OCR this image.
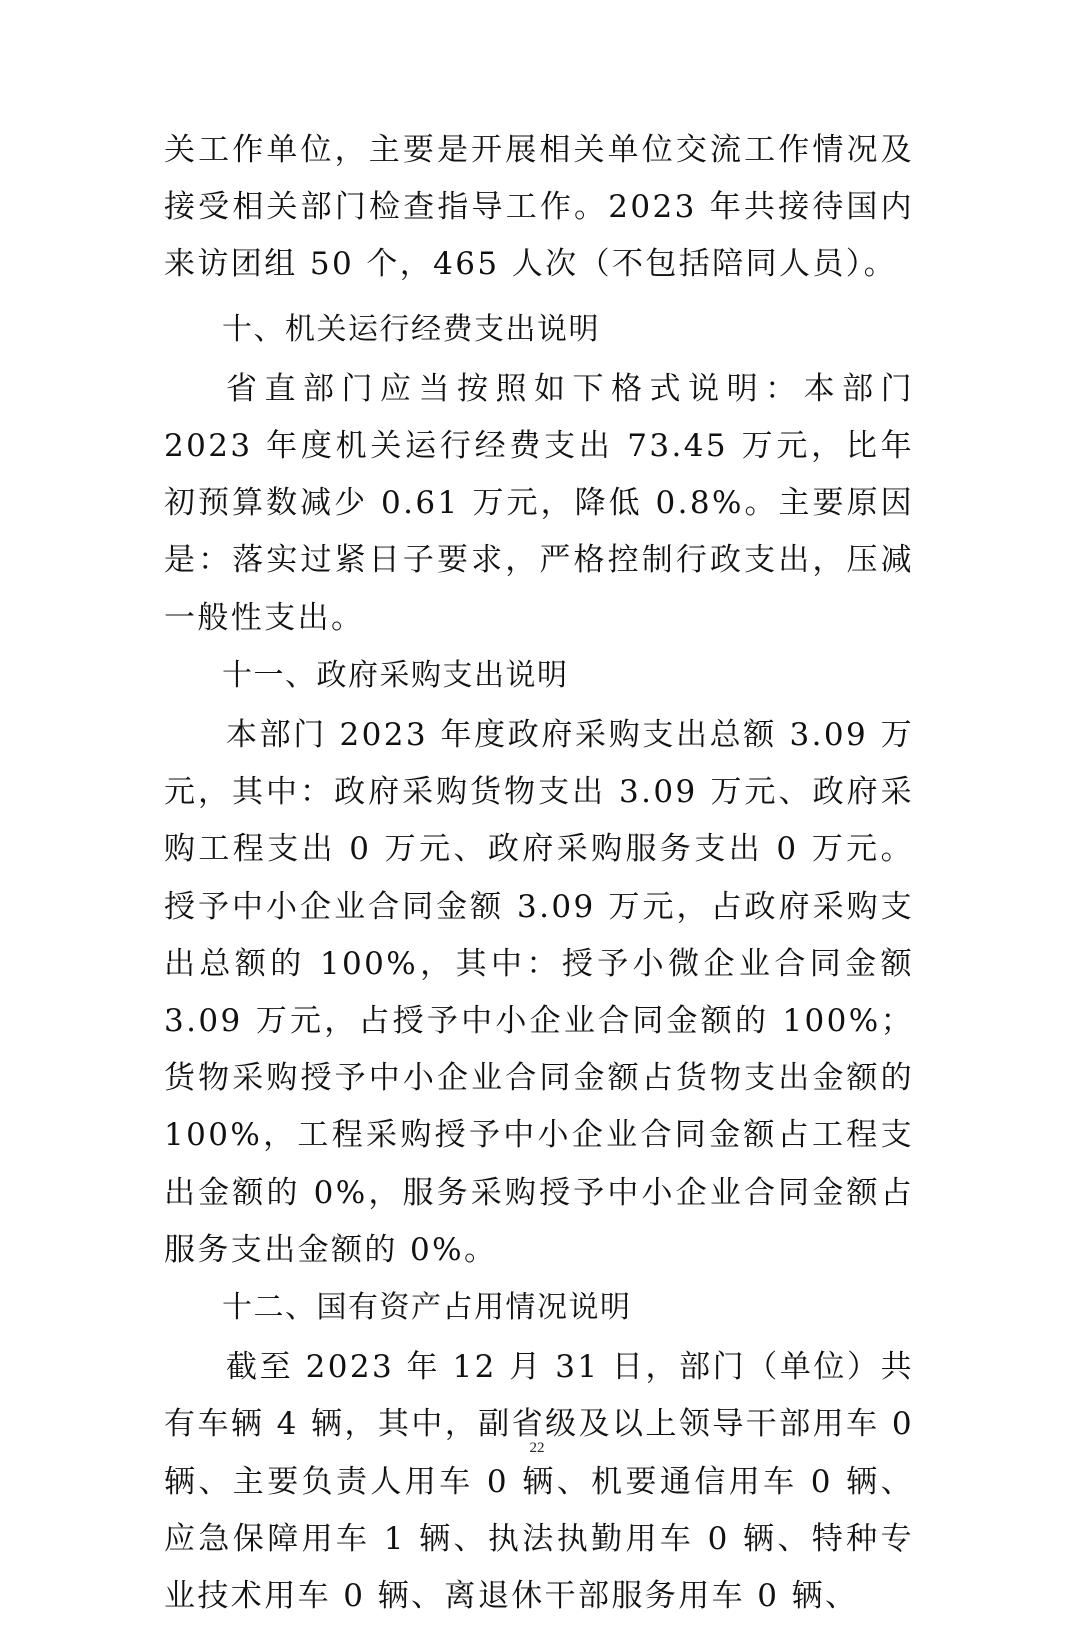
关工作单位，主要是开展相关单位交流工作情况及接受相关部门检查指导工作。2023 年共接待国内来访团组 50 个，465 人次（不包括陪同人员）。

十、机关运行经费支出说明

省直部门应当按照如下格式说明：本部门 2023 年度机关运行经费支出 73.45 万元，比年初预算数减少 0.61 万元，降低 0.8%。主要原因是：落实过紧日子要求，严格控制行政支出，压减一般性支出。

十一、政府采购支出说明

本部门 2023 年度政府采购支出总额 3.09 万元，其中：政府采购货物支出 3.09 万元、政府采购工程支出 0 万元、政府采购服务支出 0 万元。授予中小企业合同金额 3.09 万元，占政府采购支出总额的 100%，其中：授予小微企业合同金额 3.09 万元，占授予中小企业合同金额的 100%；货物采购授予中小企业合同金额占货物支出金额的 100%，工程采购授予中小企业合同金额占工程支出金额的 0%，服务采购授予中小企业合同金额占服务支出金额的 0%。

十二、国有资产占用情况说明

截至 2023 年 12 月 31 日，部门（单位）共有车辆 4 辆，其中，副省级及以上领导干部用车 0 辆、主要负责人用车 0 辆、机要通信用车 0 辆、应急保障用车 1 辆、执法执勤用车 0 辆、特种专业技术用车 0 辆、离退休干部服务用车 0 辆、

22
